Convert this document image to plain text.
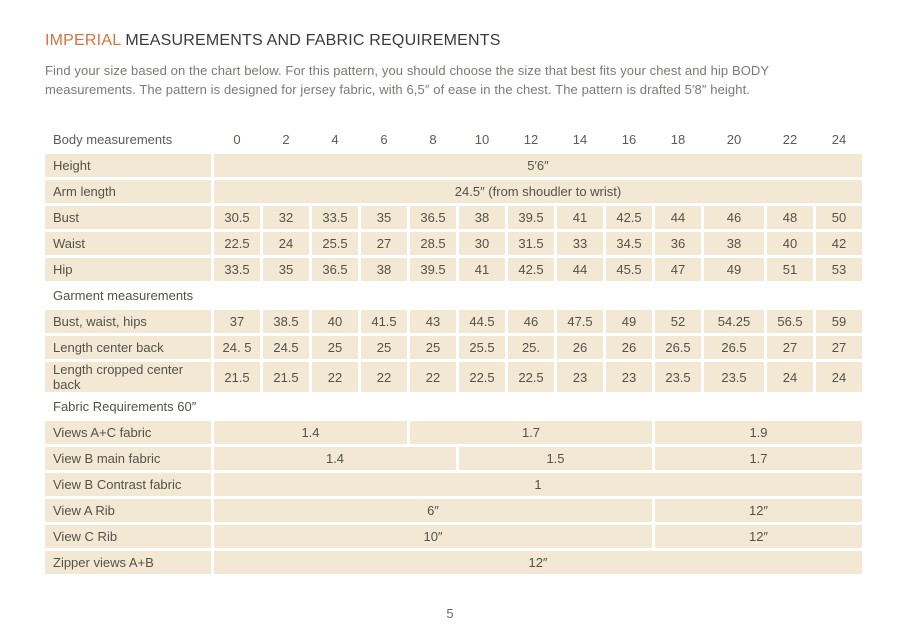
IMPERIAL MEASUREMENTS AND FABRIC REQUIREMENTS
Find your size based on the chart below. For this pattern, you should choose the size that best fits your chest and hip BODY
measurements. The pattern is designed for jersey fabric, with 6,5″ of ease in the chest. The pattern is drafted 5′8″ height.
Body measurements	0	2	4	6	8	10	12	14	16	18	20	22	24
Height	5′6″												
Arm length	24.5″ (from shoudler to wrist)												
Bust	30.5	32	33.5	35	36.5	38	39.5	41	42.5	44	46	48	50
Waist	22.5	24	25.5	27	28.5	30	31.5	33	34.5	36	38	40	42
Hip	33.5	35	36.5	38	39.5	41	42.5	44	45.5	47	49	51	53
Garment measurements													
Bust, waist, hips	37	38.5	40	41.5	43	44.5	46	47.5	49	52	54.25	56.5	59
Length center back	24. 5	24.5	25	25	25	25.5	25.	26	26	26.5	26.5	27	27
Length cropped center back	21.5	21.5	22	22	22	22.5	22.5	23	23	23.5	23.5	24	24
Fabric Requirements 60″													
Views A+C fabric	1.4				1.7					1.9			
View B main fabric	1.4					1.5				1.7			
View B Contrast fabric	1												
View A Rib	6″									12″			
View C Rib	10″									12″			
Zipper views A+B	12″												
5
